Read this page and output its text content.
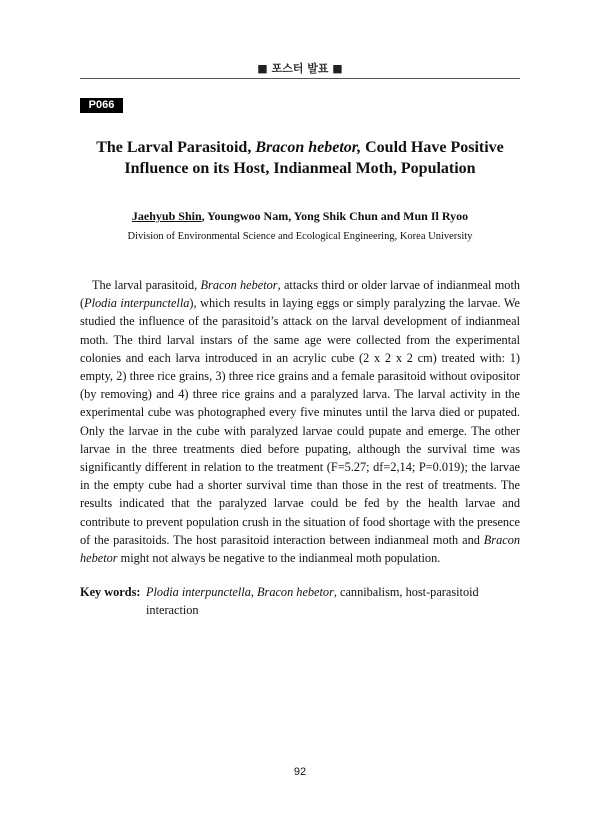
■ 포스터 발표 ■
P066
The Larval Parasitoid, Bracon hebetor, Could Have Positive Influence on its Host, Indianmeal Moth, Population
Jaehyub Shin, Youngwoo Nam, Yong Shik Chun and Mun Il Ryoo
Division of Environmental Science and Ecological Engineering, Korea University

The larval parasitoid, Bracon hebetor, attacks third or older larvae of indianmeal moth (Plodia interpunctella), which results in laying eggs or simply paralyzing the larvae. We studied the influence of the parasitoid’s attack on the larval development of indianmeal moth. The third larval instars of the same age were collected from the experimental colonies and each larva introduced in an acrylic cube (2 x 2 x 2 cm) treated with: 1) empty, 2) three rice grains, 3) three rice grains and a female parasitoid without ovipositor (by removing) and 4) three rice grains and a paralyzed larva. The larval activity in the experimental cube was photographed every five minutes until the larva died or pupated. Only the larvae in the cube with paralyzed larvae could pupate and emerge. The other larvae in the three treatments died before pupating, although the survival time was significantly different in relation to the treatment (F=5.27; df=2,14; P=0.019); the larvae in the empty cube had a shorter survival time than those in the rest of treatments. The results indicated that the paralyzed larvae could be fed by the health larvae and contribute to prevent population crush in the situation of food shortage with the presence of the parasitoids. The host parasitoid interaction between indianmeal moth and Bracon hebetor might not always be negative to the indianmeal moth population.

Key words: Plodia interpunctella, Bracon hebetor, cannibalism, host-parasitoid interaction
92
